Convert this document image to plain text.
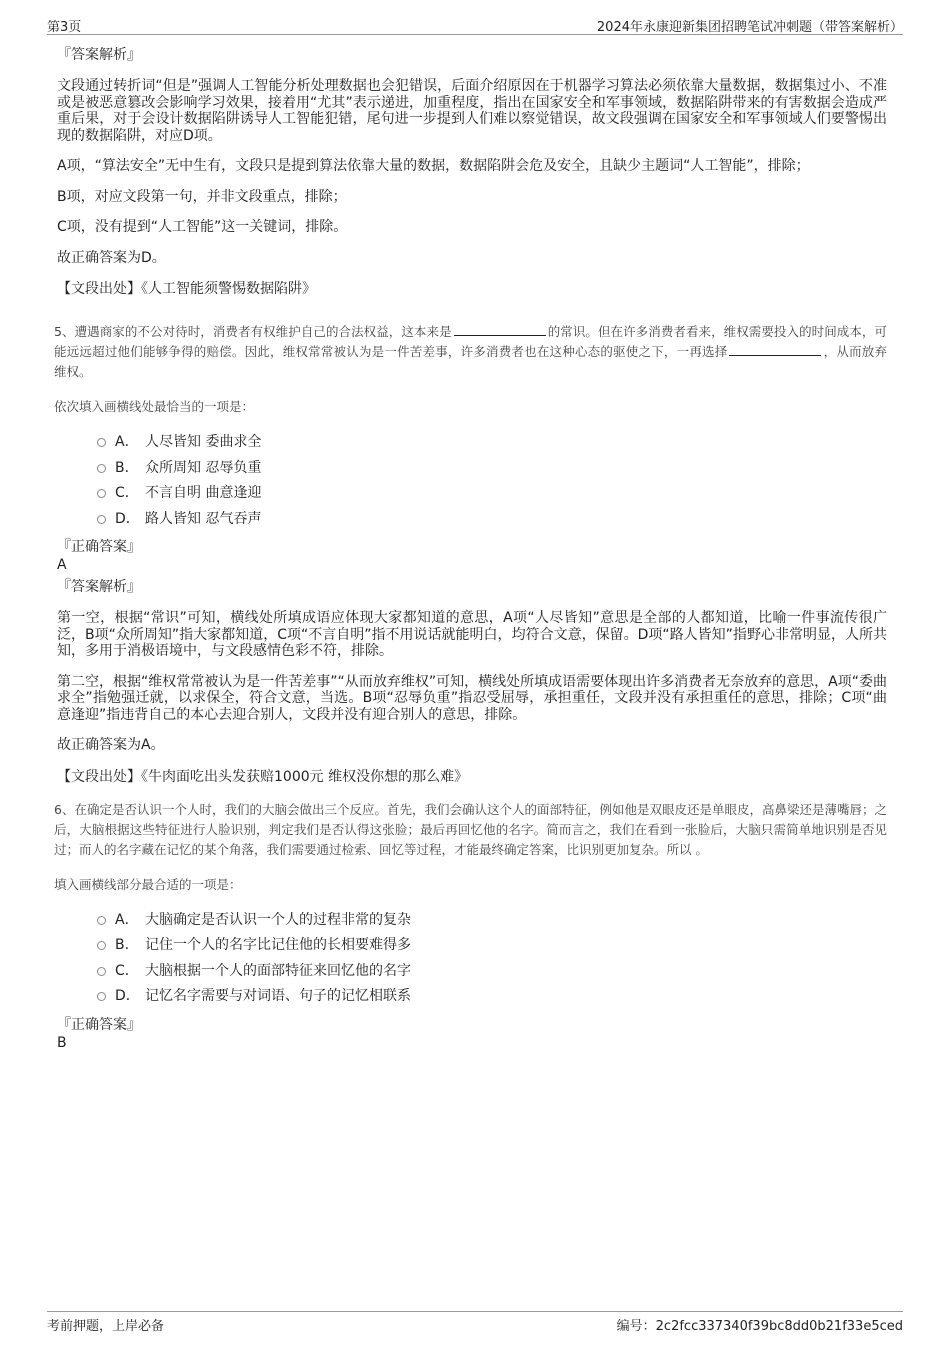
第3页	2024年永康迎新集团招聘笔试冲刺题（带答案解析）
『答案解析』
文段通过转折词“但是”强调人工智能分析处理数据也会犯错误，后面介绍原因在于机器学习算法必须依靠大量数据，数据集过小、不准或是被恶意篡改会影响学习效果，接着用“尤其”表示递进，加重程度，指出在国家安全和军事领域，数据陷阱带来的有害数据会造成严重后果，对于会设计数据陷阱诱导人工智能犯错，尾句进一步提到人们难以察觉错误，故文段强调在国家安全和军事领域人们要警惕出现的数据陷阱，对应D项。
A项，“算法安全”无中生有，文段只是提到算法依靠大量的数据，数据陷阱会危及安全，且缺少主题词“人工智能”，排除；
B项，对应文段第一句，并非文段重点，排除；
C项，没有提到“人工智能”这一关键词，排除。
故正确答案为D。
【文段出处】《人工智能须警惕数据陷阱》
5、遭遇商家的不公对待时，消费者有权维护自己的合法权益，这本来是	的常识。但在许多消费者看来，维权需要投入的时间成本，可能远远超过他们能够争得的赔偿。因此，维权常常被认为是一件苦差事，许多消费者也在这种心态的驱使之下，一再选择	，从而放弃维权。
依次填入画横线处最恰当的一项是：
A． 人尽皆知 委曲求全
B． 众所周知 忍辱负重
C． 不言自明 曲意逢迎
D． 路人皆知 忍气吞声
『正确答案』
A
『答案解析』
第一空，根据“常识”可知，横线处所填成语应体现大家都知道的意思，A项“人尽皆知”意思是全部的人都知道，比喻一件事流传很广泛，B项“众所周知”指大家都知道，C项“不言自明”指不用说话就能明白，均符合文意，保留。D项“路人皆知”指野心非常明显，人所共知，多用于消极语境中，与文段感情色彩不符，排除。
第二空，根据“维权常常被认为是一件苦差事”“从而放弃维权”可知，横线处所填成语需要体现出许多消费者无奈放弃的意思，A项“委曲求全”指勉强迁就，以求保全，符合文意，当选。B项“忍辱负重”指忍受屈辱，承担重任，文段并没有承担重任的意思，排除；C项“曲意逢迎”指违背自己的本心去迎合别人，文段并没有迎合别人的意思，排除。
故正确答案为A。
【文段出处】《牛肉面吃出头发获赔1000元 维权没你想的那么难》
6、在确定是否认识一个人时，我们的大脑会做出三个反应。首先，我们会确认这个人的面部特征，例如他是双眼皮还是单眼皮，高鼻梁还是薄嘴唇；之后，大脑根据这些特征进行人脸识别，判定我们是否认得这张脸；最后再回忆他的名字。简而言之，我们在看到一张脸后，大脑只需简单地识别是否见过；而人的名字藏在记忆的某个角落，我们需要通过检索、回忆等过程，才能最终确定答案，比识别更加复杂。所以 。
填入画横线部分最合适的一项是：
A． 大脑确定是否认识一个人的过程非常的复杂
B． 记住一个人的名字比记住他的长相要难得多
C． 大脑根据一个人的面部特征来回忆他的名字
D． 记忆名字需要与对词语、句子的记忆相联系
『正确答案』
B
考前押题，上岸必备	编号：2c2fcc337340f39bc8dd0b21f33e5ced
